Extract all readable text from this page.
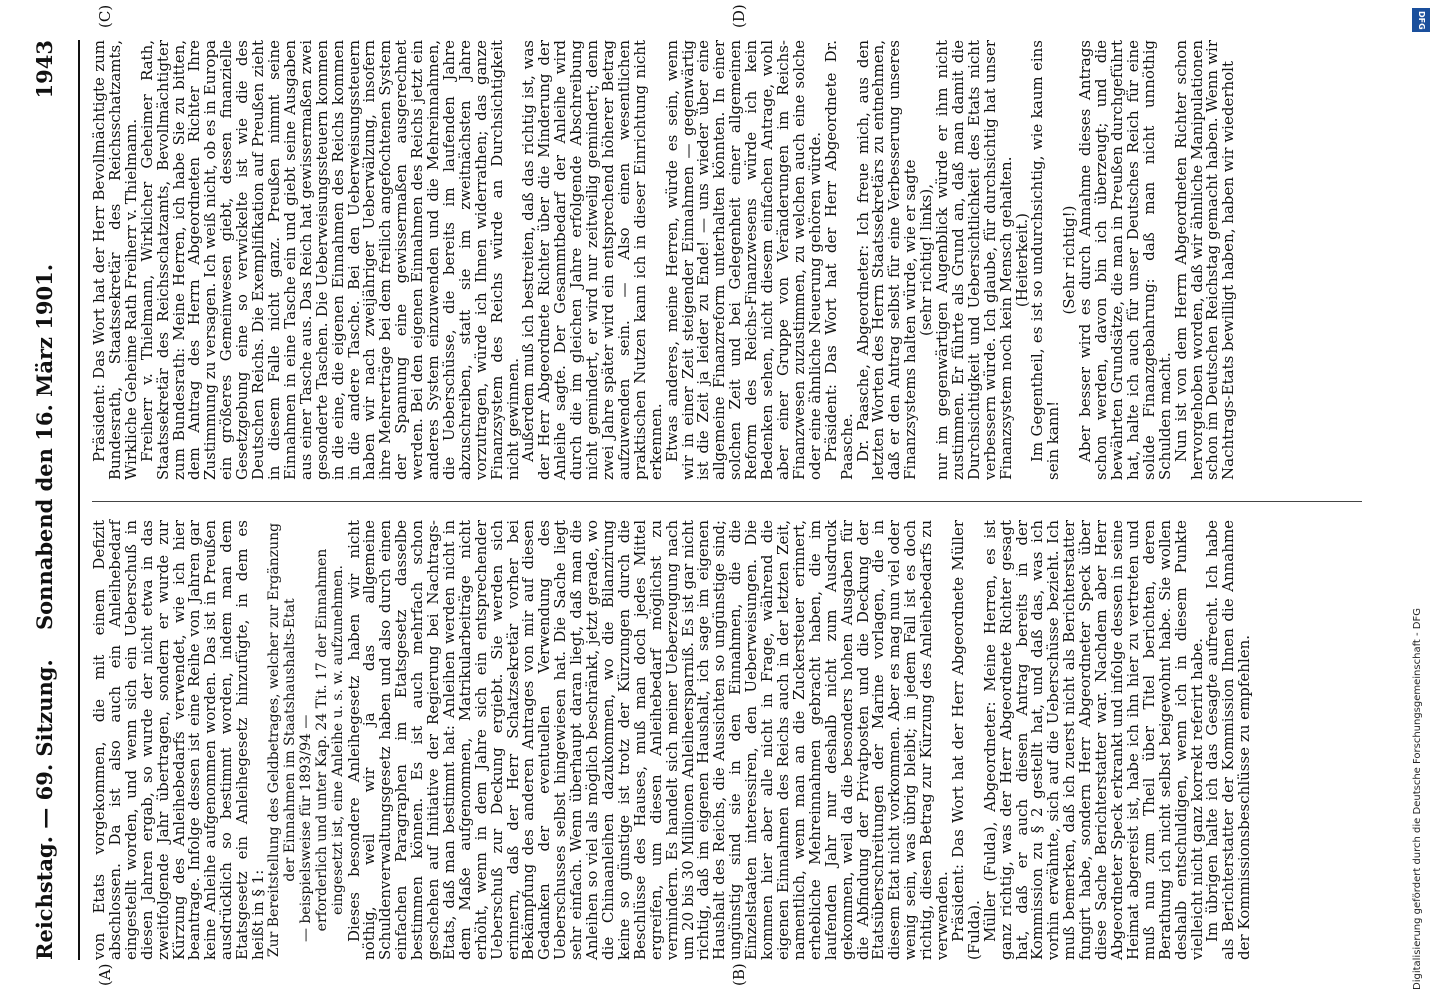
Reichstag. — 69. Sitzung.
Sonnabend den 16. März 1901.
1943
(A)	(B)
(C)	(D)

von Etats vorgekommen, die mit einem Defizit abschlossen. Da ist also auch ein Anleihebedarf eingestellt worden, und wenn sich ein Ueberschuß in diesen Jahren ergab, so wurde der nicht etwa in das zweitfolgende Jahr übertragen, sondern er wurde zur Kürzung des Anleihebedarfs verwendet, wie ich hier beantrage. Infolge dessen ist eine Reihe von Jahren gar keine Anleihe aufgenommen worden. Das ist in Preußen ausdrücklich so bestimmt worden, indem man dem Etatsgesetz ein Anleihegesetz hinzufügte, in dem es heißt in § 1:

Zur Bereitstellung des Geldbetrages, welcher zur Ergänzung der Einnahmen im Staatshaushalts-Etat — beispielsweise für 1893/94 — erforderlich und unter Kap. 24 Tit. 17 der Einnahmen eingesetzt ist, eine Anleihe u. s. w. aufzunehmen.

Dieses besondere Anleihegesetz haben wir nicht nöthig, weil wir ja das allgemeine Schuldenverwaltungsgesetz haben und also durch einen einfachen Paragraphen im Etatsgesetz dasselbe bestimmen können. Es ist auch mehrfach schon geschehen auf Initiative der Regierung bei Nachtrags-Etats, daß man bestimmt hat: Anleihen werden nicht in dem Maße aufgenommen, Matrikularbeiträge nicht erhöht, wenn in dem Jahre sich ein entsprechender Ueberschuß zur Deckung ergiebt. Sie werden sich erinnern, daß der Herr Schatzsekretär vorher bei Bekämpfung des anderen Antrages von mir auf diesen Gedanken der eventuellen Verwendung des Ueberschusses selbst hingewiesen hat. Die Sache liegt sehr einfach. Wenn überhaupt daran liegt, daß man die Anleihen so viel als möglich beschränkt, jetzt gerade, wo die Chinaanleihen dazukommen, wo die Bilanzirung keine so günstige ist trotz der Kürzungen durch die Beschlüsse des Hauses, muß man doch jedes Mittel ergreifen, um diesen Anleihebedarf möglichst zu vermindern. Es handelt sich meiner Ueberzeugung nach um 20 bis 30 Millionen Anleiheersparniß. Es ist gar nicht richtig, daß im eigenen Haushalt, ich sage im eigenen Haushalt des Reichs, die Aussichten so ungünstige sind; ungünstig sind sie in den Einnahmen, die die Einzelstaaten interessiren, den Ueberweisungen. Die kommen hier aber alle nicht in Frage, während die eigenen Einnahmen des Reichs auch in der letzten Zeit, namentlich, wenn man an die Zuckersteuer erinnert, erhebliche Mehreinnahmen gebracht haben, die im laufenden Jahr nur deshalb nicht zum Ausdruck gekommen, weil da die besonders hohen Ausgaben für die Abfindung der Privatposten und die Deckung der Etatsüberschreitungen der Marine vorlagen, die in diesem Etat nicht vorkommen. Aber es mag nun viel oder wenig sein, was übrig bleibt; in jedem Fall ist es doch richtig, diesen Betrag zur Kürzung des Anleihebedarfs zu verwenden.

Präsident: Das Wort hat der Herr Abgeordnete Müller (Fulda).

Müller (Fulda), Abgeordneter: Meine Herren, es ist ganz richtig, was der Herr Abgeordnete Richter gesagt hat, daß er auch diesen Antrag bereits in der Kommission zu § 2 gestellt hat, und daß das, was ich vorhin erwähnte, sich auf die Ueberschüsse bezieht. Ich muß bemerken, daß ich zuerst nicht als Berichterstatter fungirt habe, sondern Herr Abgeordneter Speck über diese Sache Berichterstatter war. Nachdem aber Herr Abgeordneter Speck erkrankt und infolge dessen in seine Heimat abgereist ist, habe ich ihn hier zu vertreten und muß nun zum Theil über Titel berichten, deren Berathung ich nicht selbst beigewohnt habe. Sie wollen deshalb entschuldigen, wenn ich in diesem Punkte vielleicht nicht ganz korrekt referirt habe.

Im übrigen halte ich das Gesagte aufrecht. Ich habe als Berichterstatter der Kommission Ihnen die Annahme der Kommissionsbeschlüsse zu empfehlen.

Präsident: Das Wort hat der Herr Bevollmächtigte zum Bundesrath, Staatssekretär des Reichsschatzamts, Wirkliche Geheime Rath Freiherr v. Thielmann.

Freiherr v. Thielmann, Wirklicher Geheimer Rath, Staatssekretär des Reichsschatzamts, Bevollmächtigter zum Bundesrath: Meine Herren, ich habe Sie zu bitten, dem Antrag des Herrn Abgeordneten Richter Ihre Zustimmung zu versagen. Ich weiß nicht, ob es in Europa ein größeres Gemeinwesen giebt, dessen finanzielle Gesetzgebung eine so verwickelte ist wie die des Deutschen Reichs. Die Exemplifikation auf Preußen zieht in diesem Falle nicht ganz. Preußen nimmt seine Einnahmen in eine Tasche ein und giebt seine Ausgaben aus einer Tasche aus. Das Reich hat gewissermaßen zwei gesonderte Taschen. Die Ueberweisungssteuern kommen in die eine, die eigenen Einnahmen des Reichs kommen in die andere Tasche. Bei den Ueberweisungssteuern haben wir nach zweijähriger Ueberwälzung, insofern ihre Mehrerträge bei dem freilich angefochtenen System der Spannung eine gewissermaßen ausgerechnet werden. Bei den eigenen Einnahmen des Reichs jetzt ein anderes System einzuwenden und die Mehreinnahmen, die Ueberschüsse, die bereits im laufenden Jahre abzuschreiben, statt sie im zweitnächsten Jahre vorzutragen, würde ich Ihnen widerrathen; das ganze Finanzsystem des Reichs würde an Durchsichtigkeit nicht gewinnen.

Außerdem muß ich bestreiten, daß das richtig ist, was der Herr Abgeordnete Richter über die Minderung der Anleihe sagte. Der Gesammtbedarf der Anleihe wird durch die im gleichen Jahre erfolgende Abschreibung nicht gemindert, er wird nur zeitweilig gemindert; denn zwei Jahre später wird ein entsprechend höherer Betrag aufzuwenden sein. — Also einen wesentlichen praktischen Nutzen kann ich in dieser Einrichtung nicht erkennen.

Etwas anderes, meine Herren, würde es sein, wenn wir in einer Zeit steigender Einnahmen — gegenwärtig ist die Zeit ja leider zu Ende! — uns wieder über eine allgemeine Finanzreform unterhalten könnten. In einer solchen Zeit und bei Gelegenheit einer allgemeinen Reform des Reichs-Finanzwesens würde ich kein Bedenken sehen, nicht diesem einfachen Antrage, wohl aber einer Gruppe von Veränderungen im Reichs-Finanzwesen zuzustimmen, zu welchen auch eine solche oder eine ähnliche Neuerung gehören würde.

Präsident: Das Wort hat der Herr Abgeordnete Dr. Paasche.

Dr. Paasche, Abgeordneter: Ich freue mich, aus den letzten Worten des Herrn Staatssekretärs zu entnehmen, daß er den Antrag selbst für eine Verbesserung unseres Finanzsystems halten würde, wie er sagte

(sehr richtig! links),

nur im gegenwärtigen Augenblick würde er ihm nicht zustimmen. Er führte als Grund an, daß man damit die Durchsichtigkeit und Uebersichtlichkeit des Etats nicht verbessern würde. Ich glaube, für durchsichtig hat unser Finanzsystem noch kein Mensch gehalten.

(Heiterkeit.)

Im Gegentheil, es ist so undurchsichtig, wie kaum eins sein kann!

(Sehr richtig!)

Aber besser wird es durch Annahme dieses Antrags schon werden, davon bin ich überzeugt; und die bewährten Grundsätze, die man in Preußen durchgeführt hat, halte ich auch für unser Deutsches Reich für eine solide Finanzgebahrung: daß man nicht unnöthig Schulden macht.

Nun ist von dem Herrn Abgeordneten Richter schon hervorgehoben worden, daß wir ähnliche Manipulationen schon im Deutschen Reichstag gemacht haben. Wenn wir Nachtrags-Etats bewilligt haben, haben wir wiederholt

Digitalisierung gefördert durch die Deutsche Forschungsgemeinschaft - DFG
DFG
